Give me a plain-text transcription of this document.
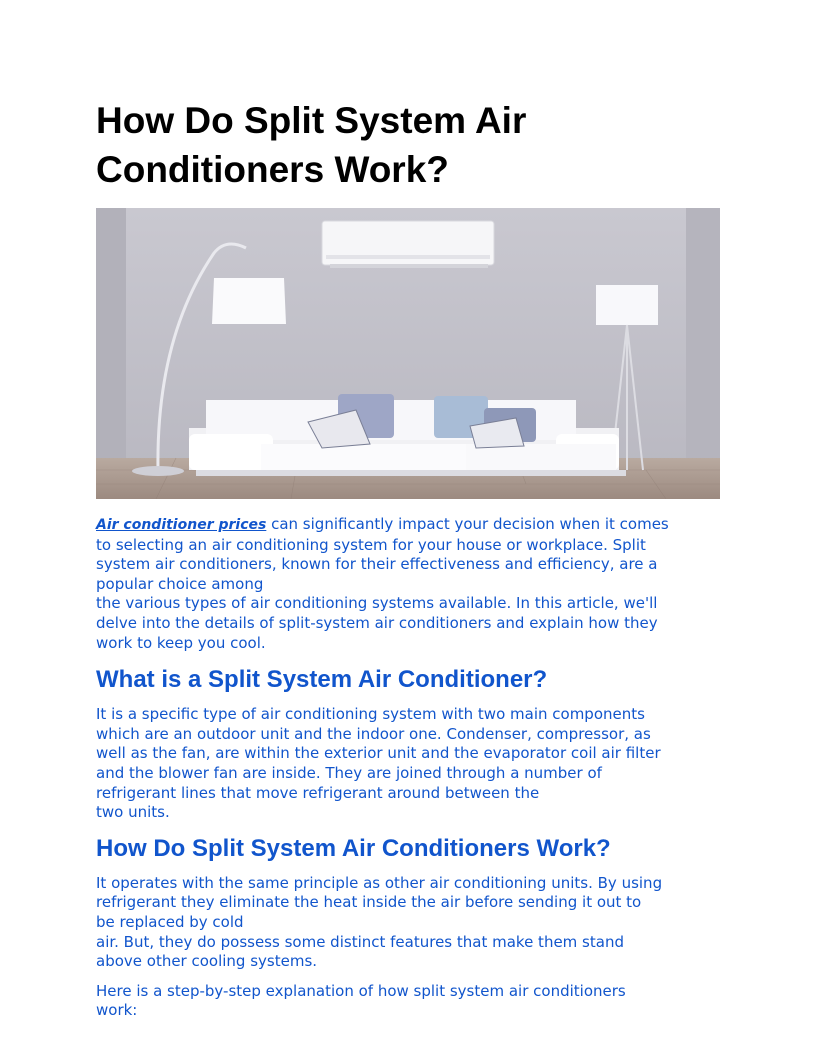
How Do Split System Air Conditioners Work?

Air conditioner prices can significantly impact your decision when it comes
to selecting an air conditioning system for your house or workplace. Split
system air conditioners, known for their effectiveness and efficiency, are a
popular choice among
the various types of air conditioning systems available. In this article, we'll
delve into the details of split-system air conditioners and explain how they
work to keep you cool.

What is a Split System Air Conditioner?

It is a specific type of air conditioning system with two main components
which are an outdoor unit and the indoor one. Condenser, compressor, as
well as the fan, are within the exterior unit and the evaporator coil air filter
and the blower fan are inside. They are joined through a number of
refrigerant lines that move refrigerant around between the
two units.

How Do Split System Air Conditioners Work?

It operates with the same principle as other air conditioning units. By using
refrigerant they eliminate the heat inside the air before sending it out to
be replaced by cold
air. But, they do possess some distinct features that make them stand
above other cooling systems.

Here is a step-by-step explanation of how split system air conditioners
work:
